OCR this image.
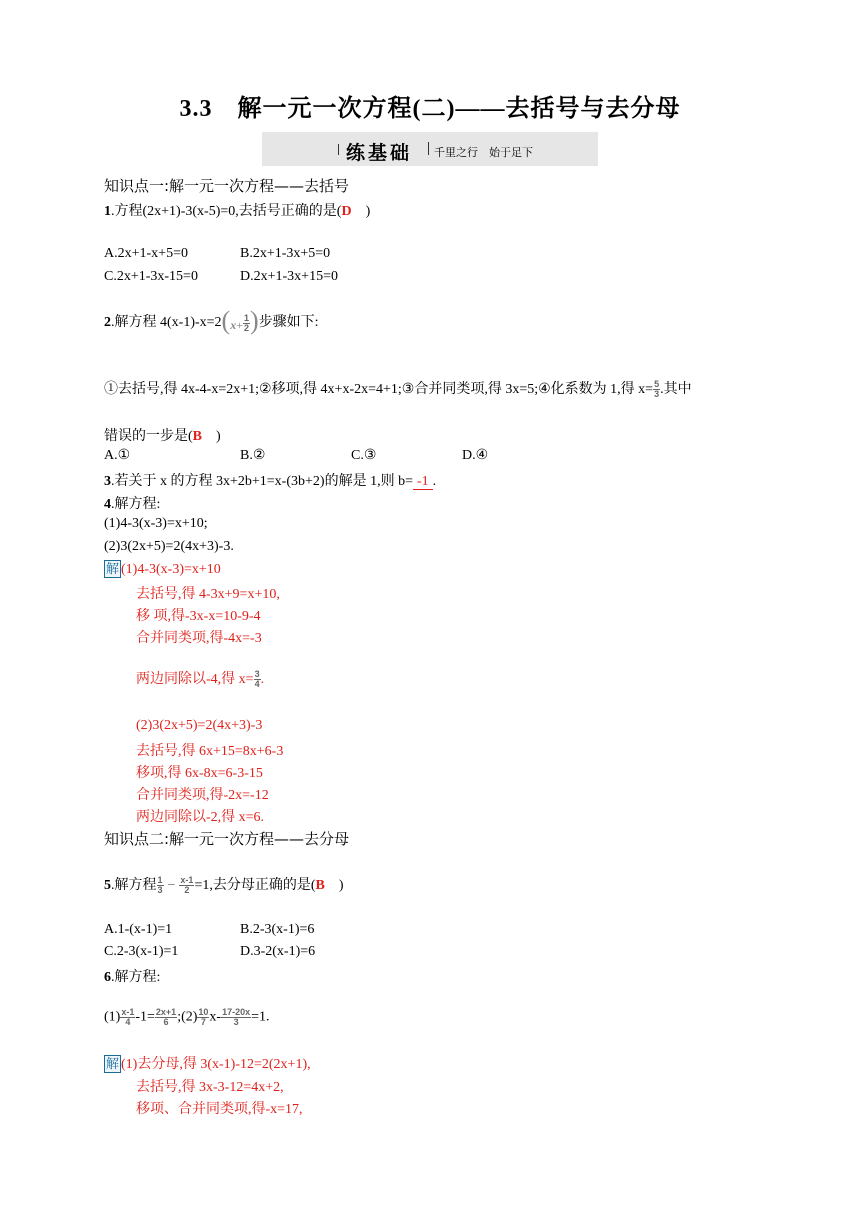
3.3　解一元一次方程(二)——去括号与去分母
练基础 千里之行　始于足下
知识点一:解一元一次方程——去括号
1.方程(2x+1)-3(x-5)=0,去括号正确的是(D )
A.2x+1-x+5=0	B.2x+1-3x+5=0
C.2x+1-3x-15=0	D.2x+1-3x+15=0
2.解方程 $4(x-1)-x=2(x+ \frac{1}{2}$ )步骤如下:
①去括号,得 4x-4-x=2x+1;②移项,得 4x+x-2x=4+1;③合并同类项,得 3x=5;④化系数为 1,得 $x= \frac{5}{3}$ .其中
错误的一步是(B )
A.①	B.②	C.③	D.④
3.若关于 x 的方程 3x+2b+1=x-(3b+2)的解是 1,则 b= -1 .
4.解方程:
(1)4-3(x-3)=x+10;
(2)3(2x+5)=2(4x+3)-3.
解 (1)4-3(x-3)=x+10
去括号,得 4-3x+9=x+10,
移 项,得-3x-x=10-9-4
合并同类项,得-4x=-3
两边同除以-4,得 $x= \frac{3}{4}$ .
(2)3(2x+5)=2(4x+3)-3
去括号,得 6x+15=8x+6-3
移项,得 6x-8x=6-3-15
合并同类项,得-2x=-12
两边同除以-2,得 x=6.
知识点二:解一元一次方程——去分母
5.解方程 $\frac{1}{3} - \frac{x-1}{2} =1$,去分母正确的是(B )
A.1-(x-1)=1	B.2-3(x-1)=6
C.2-3(x-1)=1	D.3-2(x-1)=6
6.解方程:
$(1) \frac{x-1}{4} -1= \frac{2x+1}{6}$ ;(2) $\frac{10}{7} x- \frac{17-20x}{3} =1$.
解 (1)去分母,得 3(x-1)-12=2(2x+1),
去括号,得 3x-3-12=4x+2,
移项、合并同类项,得-x=17,
